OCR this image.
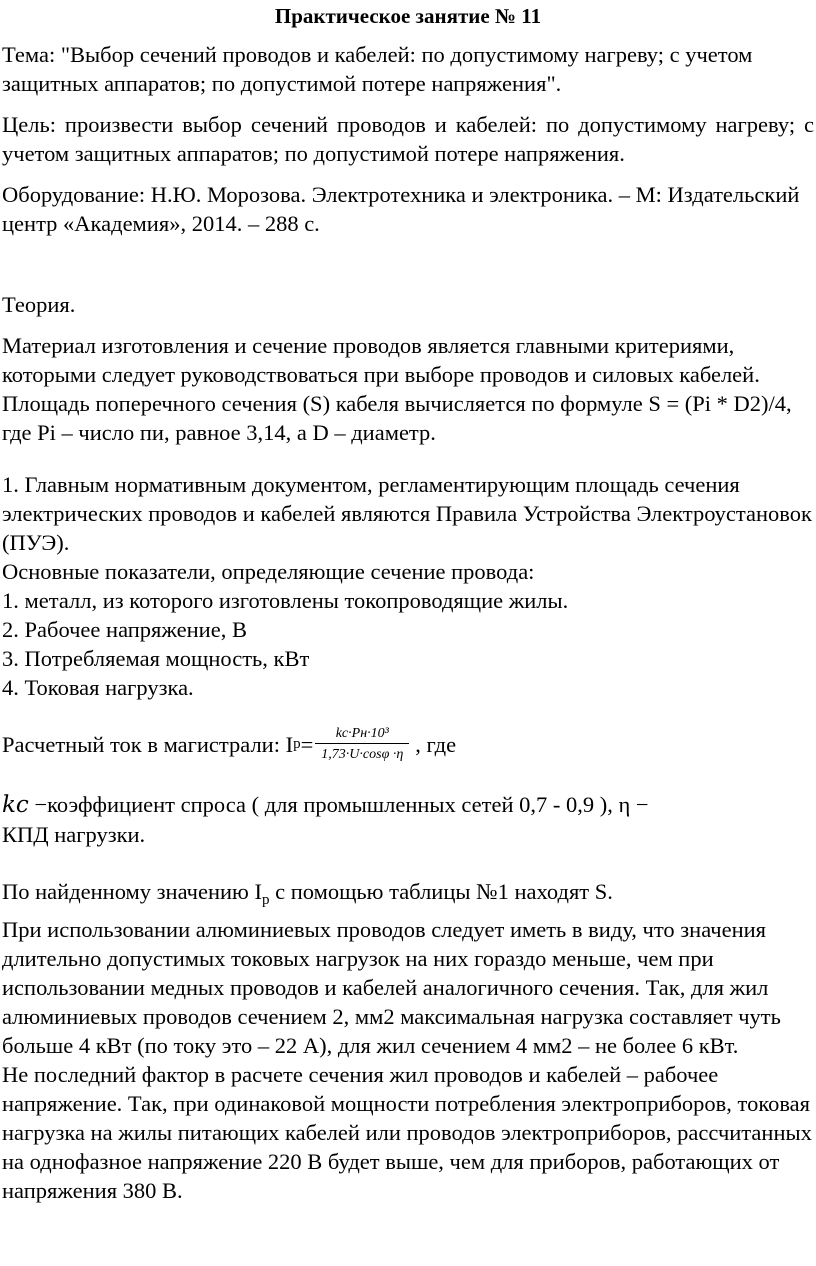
Практическое занятие № 11

Тема: "Выбор сечений проводов и кабелей: по допустимому нагреву; с учетом защитных аппаратов; по допустимой потере напряжения".

Цель: произвести выбор сечений проводов и кабелей: по допустимому нагреву; с учетом защитных аппаратов; по допустимой потере напряжения.

Оборудование: Н.Ю. Морозова. Электротехника и электроника. – М: Издательский центр «Академия», 2014. – 288 с.

Теория.

Материал изготовления и сечение проводов является главными критериями, которыми следует руководствоваться при выборе проводов и силовых кабелей. Площадь поперечного сечения (S) кабеля вычисляется по формуле S = (Pi * D2)/4, где Pi – число пи, равное 3,14, а D – диаметр.

1. Главным нормативным документом, регламентирующим площадь сечения электрических проводов и кабелей являются Правила Устройства Электроустановок (ПУЭ).

Основные показатели, определяющие сечение провода:

1. металл, из которого изготовлены токопроводящие жилы.

2. Рабочее напряжение, В

3. Потребляемая мощность, кВт

4. Токовая нагрузка.

Расчетный ток в магистрали: I $р = \frac{\text{kc·Pн·10³}}{1,73\cdot U\cdot\cos\varphi \cdot\eta}$ , где

kc −коэффициент спроса ( для промышленных сетей 0,7 - 0,9 ), η −

КПД нагрузки.

По найденному значению $I_р$ с помощью таблицы №1 находят S.

При использовании алюминиевых проводов следует иметь в виду, что значения длительно допустимых токовых нагрузок на них гораздо меньше, чем при использовании медных проводов и кабелей аналогичного сечения. Так, для жил алюминиевых проводов сечением 2, мм2 максимальная нагрузка составляет чуть больше 4 кВт (по току это – 22 А), для жил сечением 4 мм2 – не более 6 кВт.

Не последний фактор в расчете сечения жил проводов и кабелей – рабочее напряжение. Так, при одинаковой мощности потребления электроприборов, токовая нагрузка на жилы питающих кабелей или проводов электроприборов, рассчитанных на однофазное напряжение 220 В будет выше, чем для приборов, работающих от напряжения 380 В.
